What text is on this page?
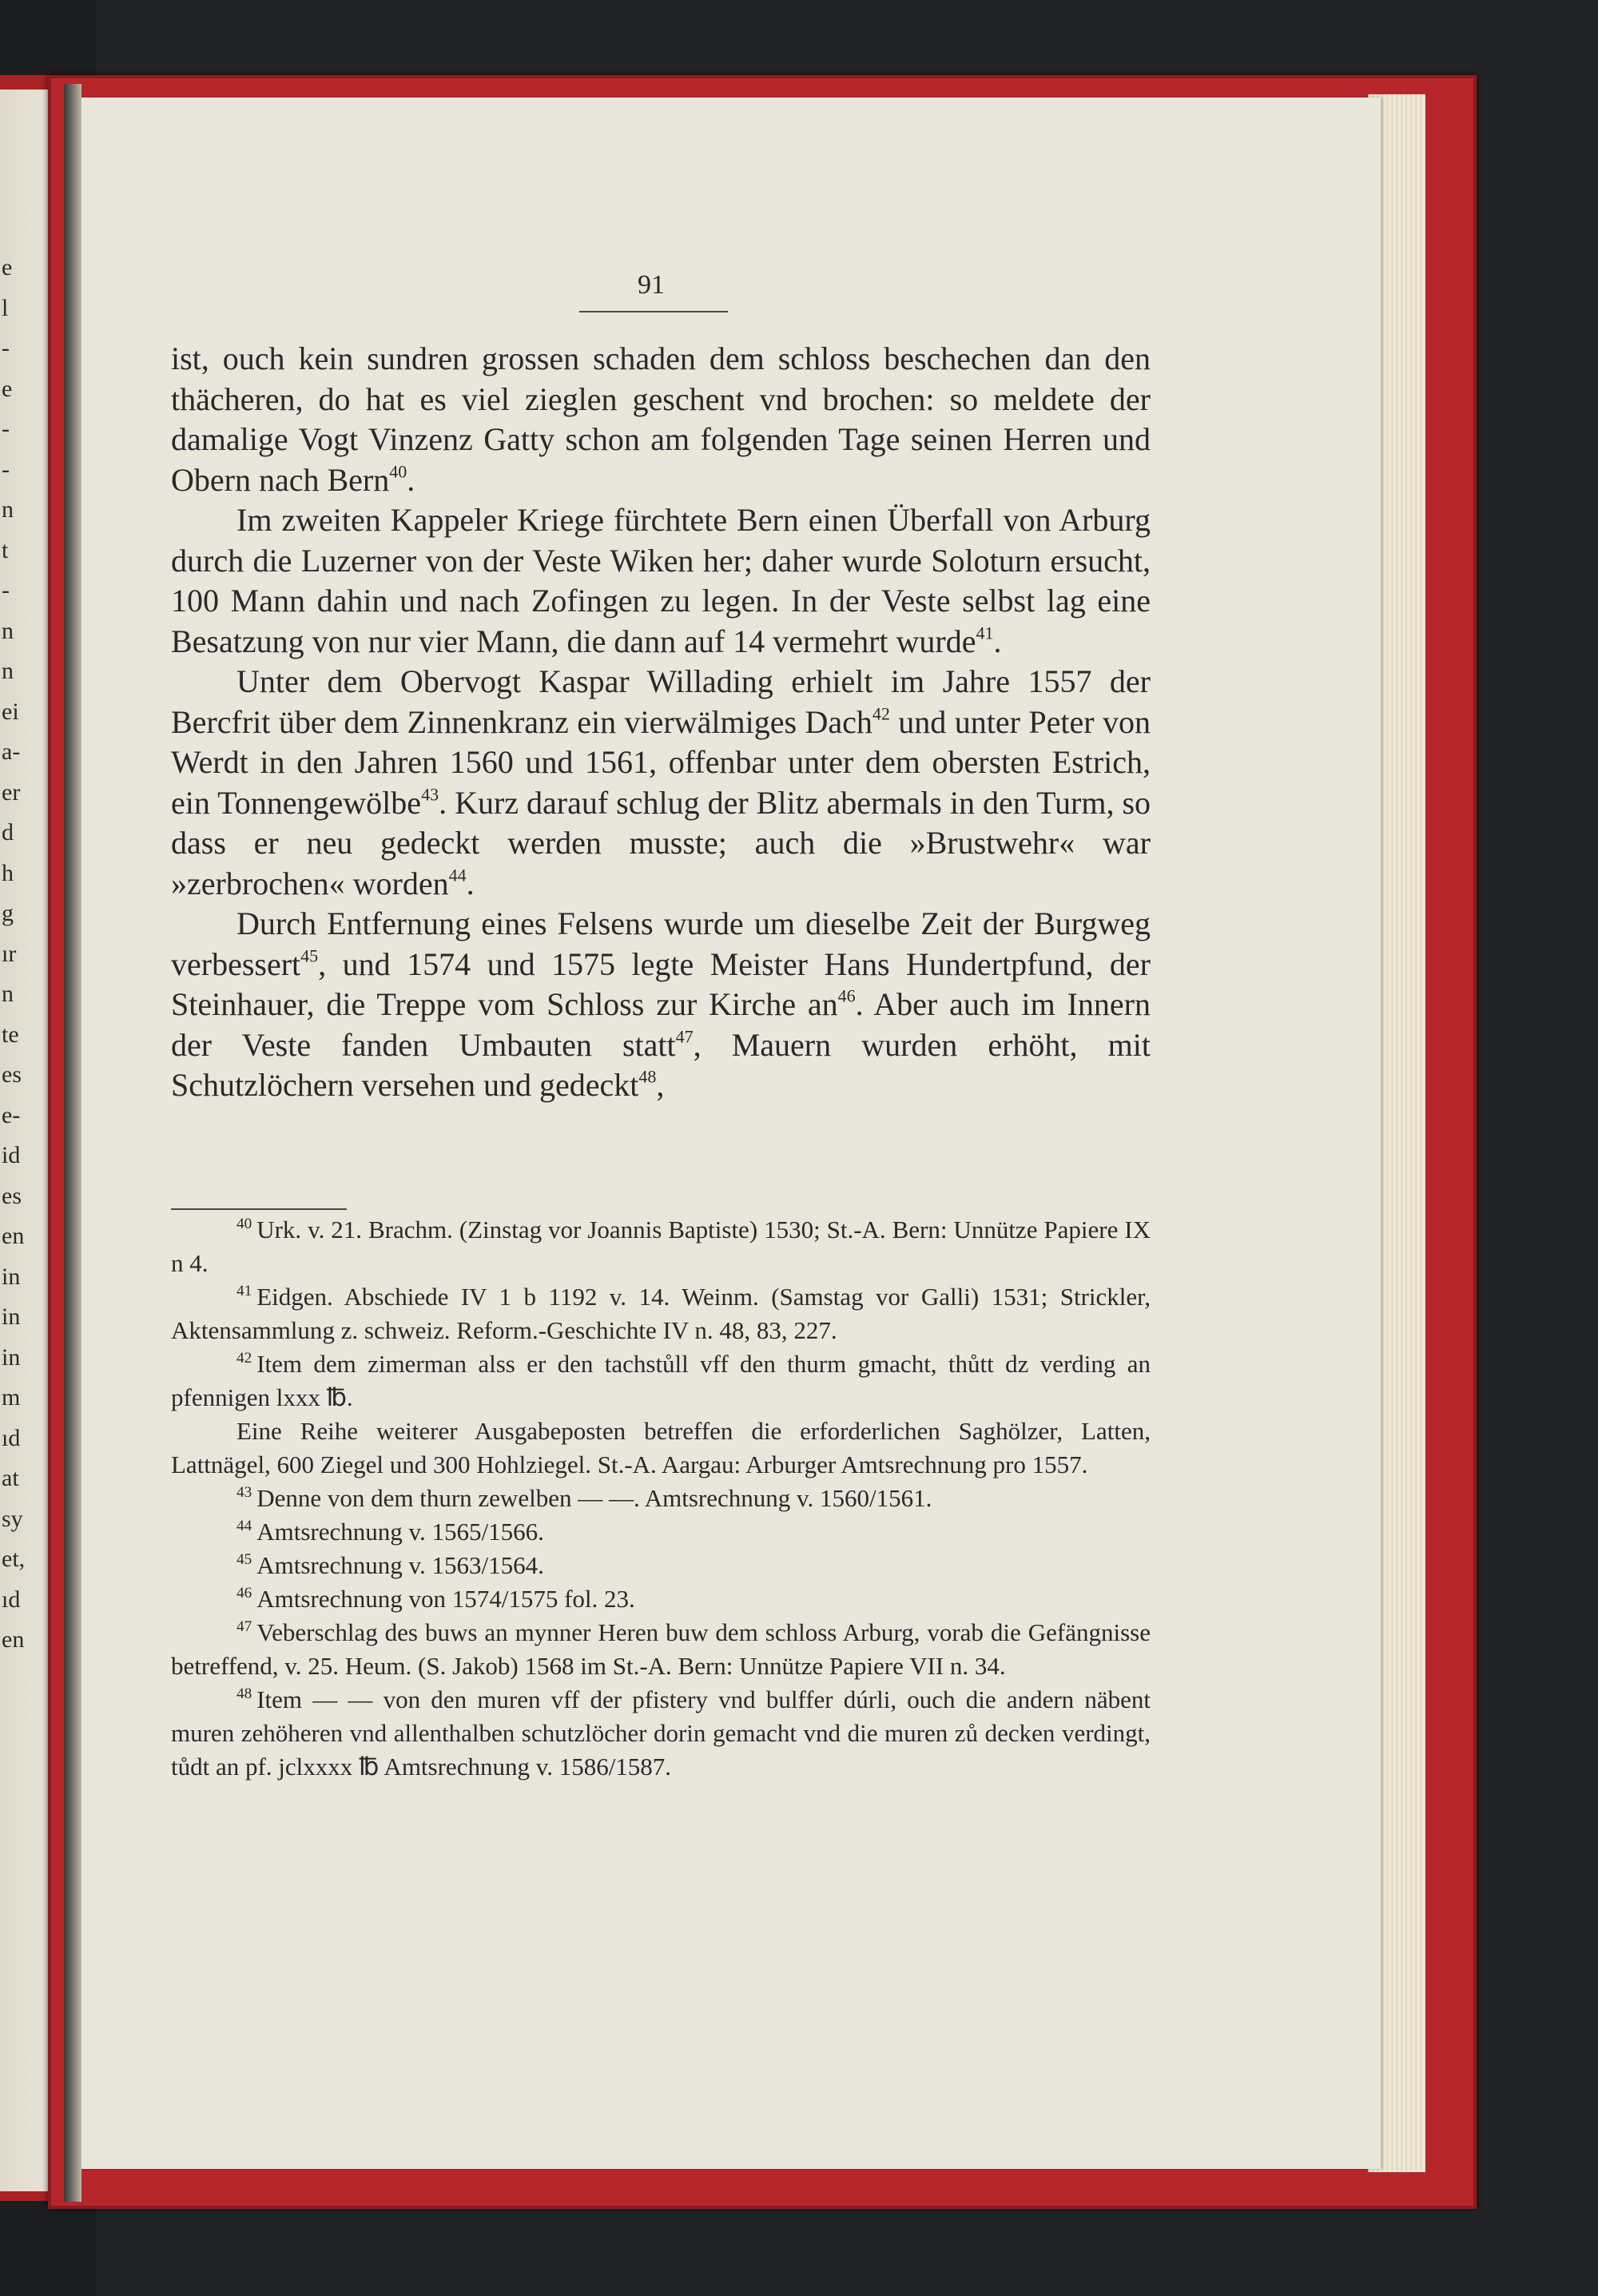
e
l
-
e
-
-
n
t
-
n
n
ei
a-
er
d
h
g
ır
n
te
es
e-
id
es
en
in
in
in
m
ıd
at
sy
et,
ıd
en
91

ist, ouch kein sundren grossen schaden dem schloss beschechen dan den thächeren, do hat es viel zieglen geschent vnd brochen: so meldete der damalige Vogt Vinzenz Gatty schon am folgenden Tage seinen Herren und Obern nach Bern$^{40}$.

Im zweiten Kappeler Kriege fürchtete Bern einen Überfall von Arburg durch die Luzerner von der Veste Wiken her; daher wurde Soloturn ersucht, 100 Mann dahin und nach Zofingen zu legen. In der Veste selbst lag eine Besatzung von nur vier Mann, die dann auf 14 vermehrt wurde$^{41}$.

Unter dem Obervogt Kaspar Willading erhielt im Jahre 1557 der Bercfrit über dem Zinnenkranz ein vierwälmiges Dach$^{42}$ und unter Peter von Werdt in den Jahren 1560 und 1561, offenbar unter dem obersten Estrich, ein Tonnengewölbe$^{43}$. Kurz darauf schlug der Blitz abermals in den Turm, so dass er neu gedeckt werden musste; auch die »Brustwehr« war »zerbrochen« worden$^{44}$.

Durch Entfernung eines Felsens wurde um dieselbe Zeit der Burgweg verbessert$^{45}$, und 1574 und 1575 legte Meister Hans Hundertpfund, der Steinhauer, die Treppe vom Schloss zur Kirche $an^{46}$. Aber auch im Innern der Veste fanden Umbauten statt$^{47}$, Mauern wurden erhöht, mit Schutzlöchern versehen und gedeckt$^{48}$,

$^{40}$ Urk. v. 21. Brachm. (Zinstag vor Joannis Baptiste) 1530; St.-A. Bern: Unnütze Papiere IX n 4.

$^{41}$ Eidgen. Abschiede IV 1 b 1192 v. 14. Weinm. (Samstag vor Galli) 1531; Strickler, Aktensammlung z. schweiz. Reform.-Geschichte IV n. 48, 83, 227.

$^{42}$ Item dem zimerman alss er den tachstůll vff den thurm gmacht, thůtt dz verding an pfennigen lxxx ℔.

Eine Reihe weiterer Ausgabeposten betreffen die erforderlichen Saghölzer, Latten, Lattnägel, 600 Ziegel und 300 Hohlziegel. St.-A. Aargau: Arburger Amtsrechnung pro 1557.

$^{43}$ Denne von dem thurn zewelben — —. Amtsrechnung v. 1560/1561.

$^{44}$ Amtsrechnung v. 1565/1566.

$^{45}$ Amtsrechnung v. 1563/1564.

$^{46}$ Amtsrechnung von 1574/1575 fol. 23.

$^{47}$ Veberschlag des buws an mynner Heren buw dem schloss Arburg, vorab die Gefängnisse betreffend, v. 25. Heum. (S. Jakob) 1568 im St.-A. Bern: Unnütze Papiere VII n. 34.

$^{48}$ Item — — von den muren vff der pfistery vnd bulffer dúrli, ouch die andern näbent muren zehöheren vnd allenthalben schutzlöcher dorin gemacht vnd die muren zů decken verdingt, tůdt an pf. jclxxxx ℔ Amtsrechnung v. 1586/1587.
